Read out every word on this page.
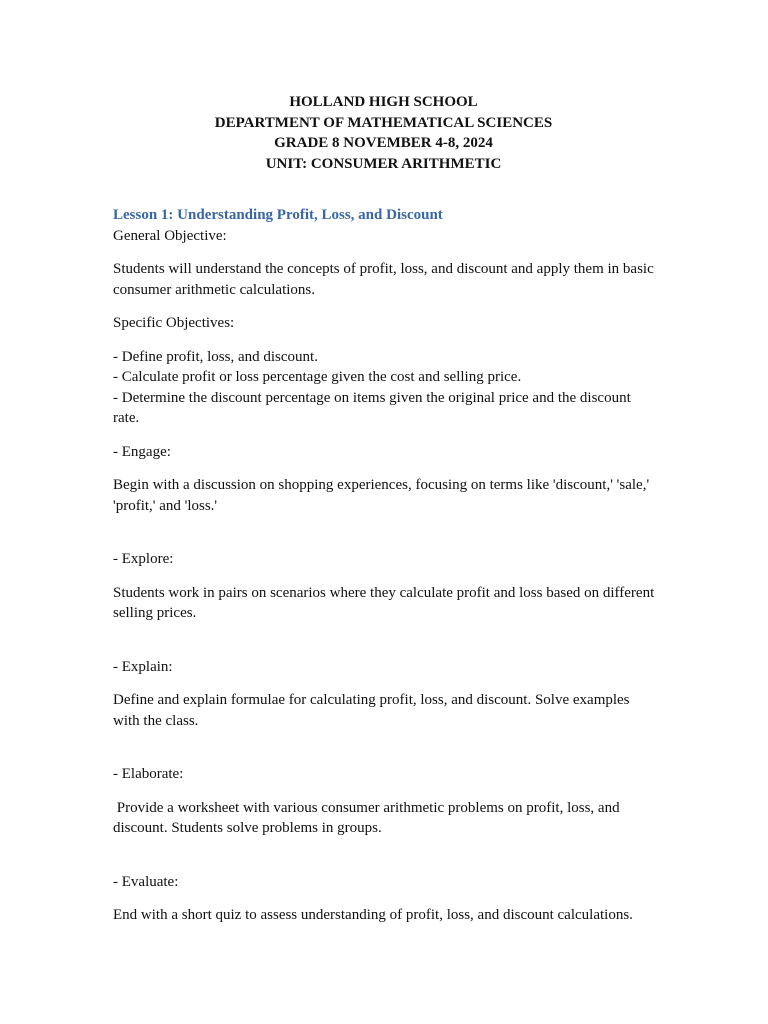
HOLLAND HIGH SCHOOL
DEPARTMENT OF MATHEMATICAL SCIENCES
GRADE 8 NOVEMBER 4-8, 2024
UNIT: CONSUMER ARITHMETIC
Lesson 1: Understanding Profit, Loss, and Discount
General Objective:
Students will understand the concepts of profit, loss, and discount and apply them in basic consumer arithmetic calculations.
Specific Objectives:
- Define profit, loss, and discount.
- Calculate profit or loss percentage given the cost and selling price.
- Determine the discount percentage on items given the original price and the discount rate.
- Engage:
Begin with a discussion on shopping experiences, focusing on terms like 'discount,' 'sale,' 'profit,' and 'loss.'
- Explore:
Students work in pairs on scenarios where they calculate profit and loss based on different selling prices.
- Explain:
Define and explain formulae for calculating profit, loss, and discount. Solve examples with the class.
- Elaborate:
Provide a worksheet with various consumer arithmetic problems on profit, loss, and discount. Students solve problems in groups.
- Evaluate:
End with a short quiz to assess understanding of profit, loss, and discount calculations.
